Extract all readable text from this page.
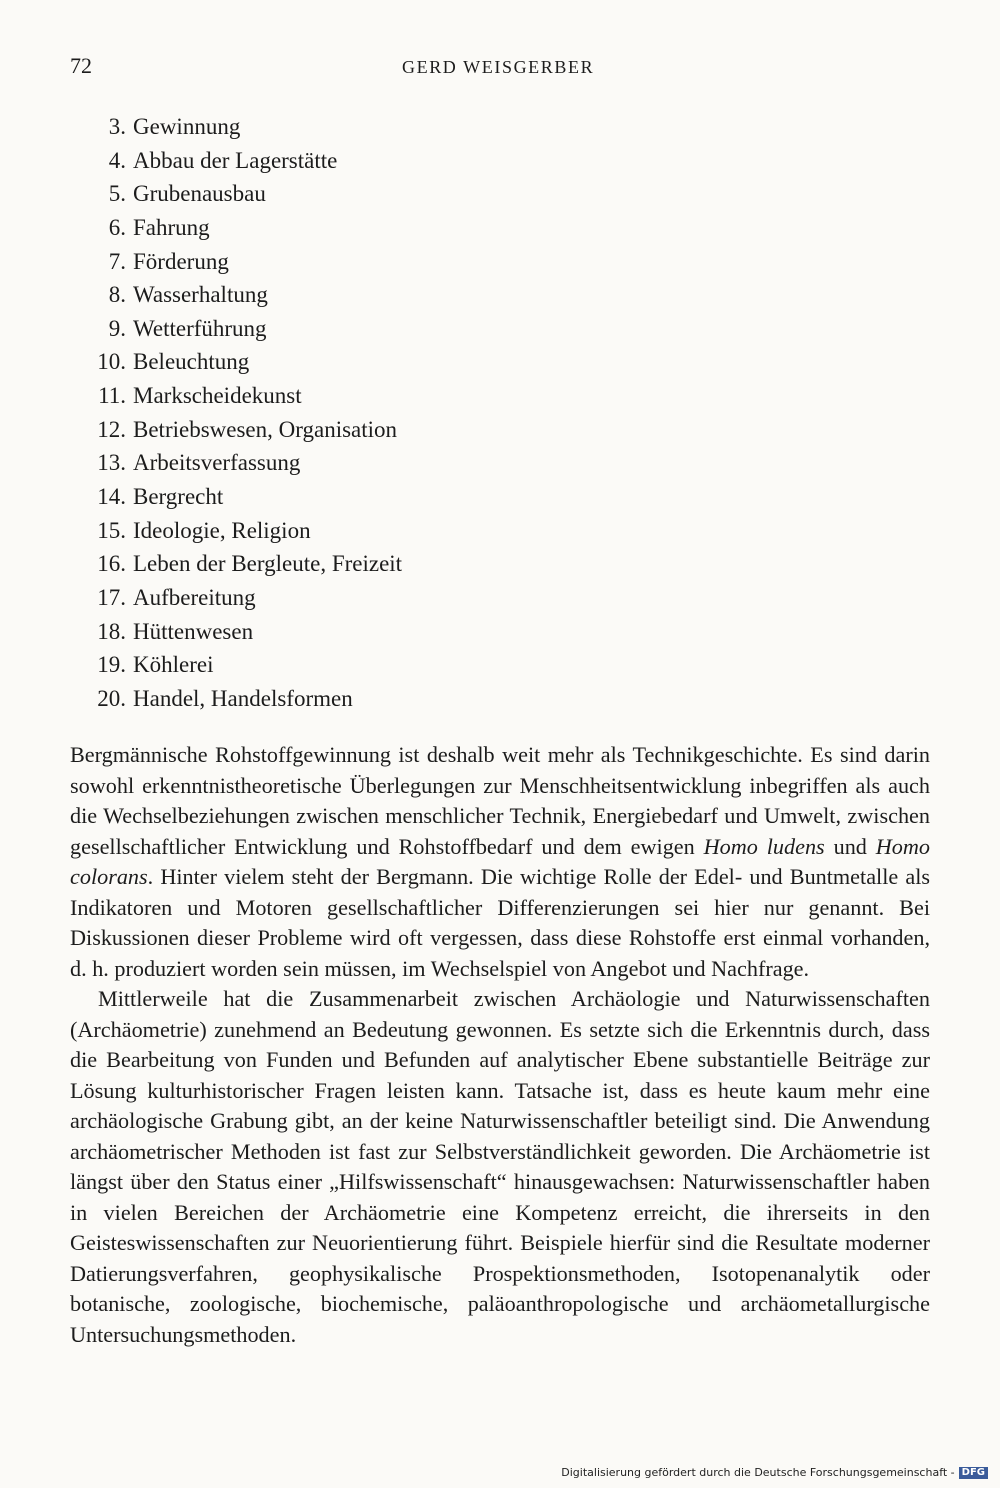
72	GERD WEISGERBER
3. Gewinnung
4. Abbau der Lagerstätte
5. Grubenausbau
6. Fahrung
7. Förderung
8. Wasserhaltung
9. Wetterführung
10. Beleuchtung
11. Markscheidekunst
12. Betriebswesen, Organisation
13. Arbeitsverfassung
14. Bergrecht
15. Ideologie, Religion
16. Leben der Bergleute, Freizeit
17. Aufbereitung
18. Hüttenwesen
19. Köhlerei
20. Handel, Handelsformen

Bergmännische Rohstoffgewinnung ist deshalb weit mehr als Technikgeschichte. Es sind darin sowohl erkenntnistheoretische Überlegungen zur Menschheitsentwicklung inbegriffen als auch die Wechselbeziehungen zwischen menschlicher Technik, Energiebedarf und Umwelt, zwischen gesellschaftlicher Entwicklung und Rohstoffbedarf und dem ewigen Homo ludens und Homo colorans. Hinter vielem steht der Bergmann. Die wichtige Rolle der Edel- und Buntmetalle als Indikatoren und Motoren gesellschaftlicher Differenzierungen sei hier nur genannt. Bei Diskussionen dieser Probleme wird oft vergessen, dass diese Rohstoffe erst einmal vorhanden, d. h. produziert worden sein müssen, im Wechselspiel von Angebot und Nachfrage.

Mittlerweile hat die Zusammenarbeit zwischen Archäologie und Naturwissenschaften (Archäometrie) zunehmend an Bedeutung gewonnen. Es setzte sich die Erkenntnis durch, dass die Bearbeitung von Funden und Befunden auf analytischer Ebene substantielle Beiträge zur Lösung kulturhistorischer Fragen leisten kann. Tatsache ist, dass es heute kaum mehr eine archäologische Grabung gibt, an der keine Naturwissenschaftler beteiligt sind. Die Anwendung archäometrischer Methoden ist fast zur Selbstverständlichkeit geworden. Die Archäometrie ist längst über den Status einer „Hilfswissenschaft“ hinausgewachsen: Naturwissenschaftler haben in vielen Bereichen der Archäometrie eine Kompetenz erreicht, die ihrerseits in den Geisteswissenschaften zur Neuorientierung führt. Beispiele hierfür sind die Resultate moderner Datierungsverfahren, geophysikalische Prospektionsmethoden, Isotopenanalytik oder botanische, zoologische, biochemische, paläoanthropologische und archäometallurgische Untersuchungsmethoden.

Digitalisierung gefördert durch die Deutsche Forschungsgemeinschaft - DFG
